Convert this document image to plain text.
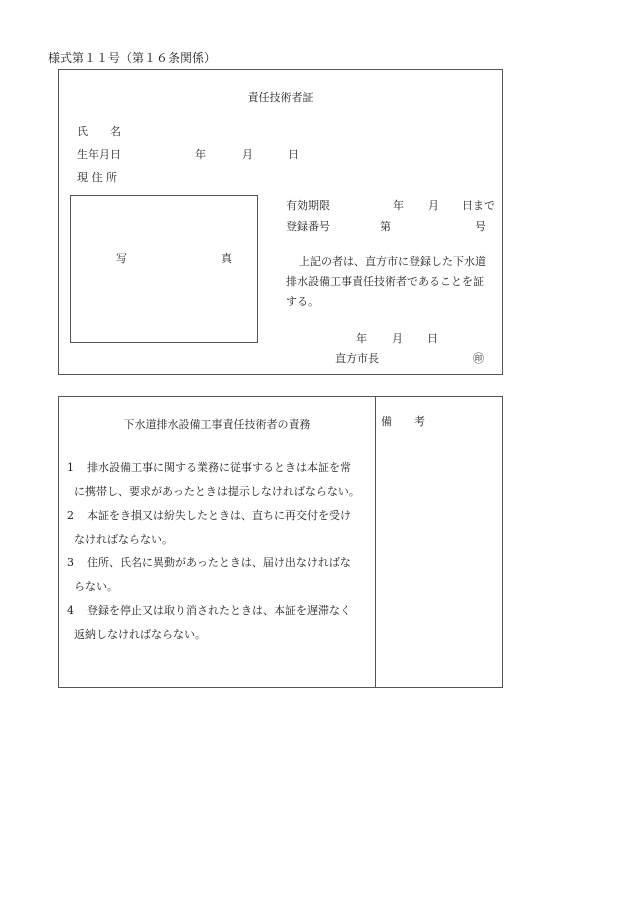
様式第１１号（第１６条関係）
責任技術者証
氏　　名
生年月日	年	月	日
現 住 所
写	真
有効期限	年 月 日まで
登録番号	第	号
上記の者は、直方市に登録した下水道
排水設備工事責任技術者であることを証
する。
年 月 日
直方市長	㊞
下水道排水設備工事責任技術者の責務	備　　考
1 排水設備工事に関する業務に従事するときは本証を常
に携帯し、要求があったときは提示しなければならない。
2 本証をき損又は紛失したときは、直ちに再交付を受け
なければならない。
3 住所、氏名に異動があったときは、届け出なければな
らない。
4 登録を停止又は取り消されたときは、本証を遅滞なく
返納しなければならない。
